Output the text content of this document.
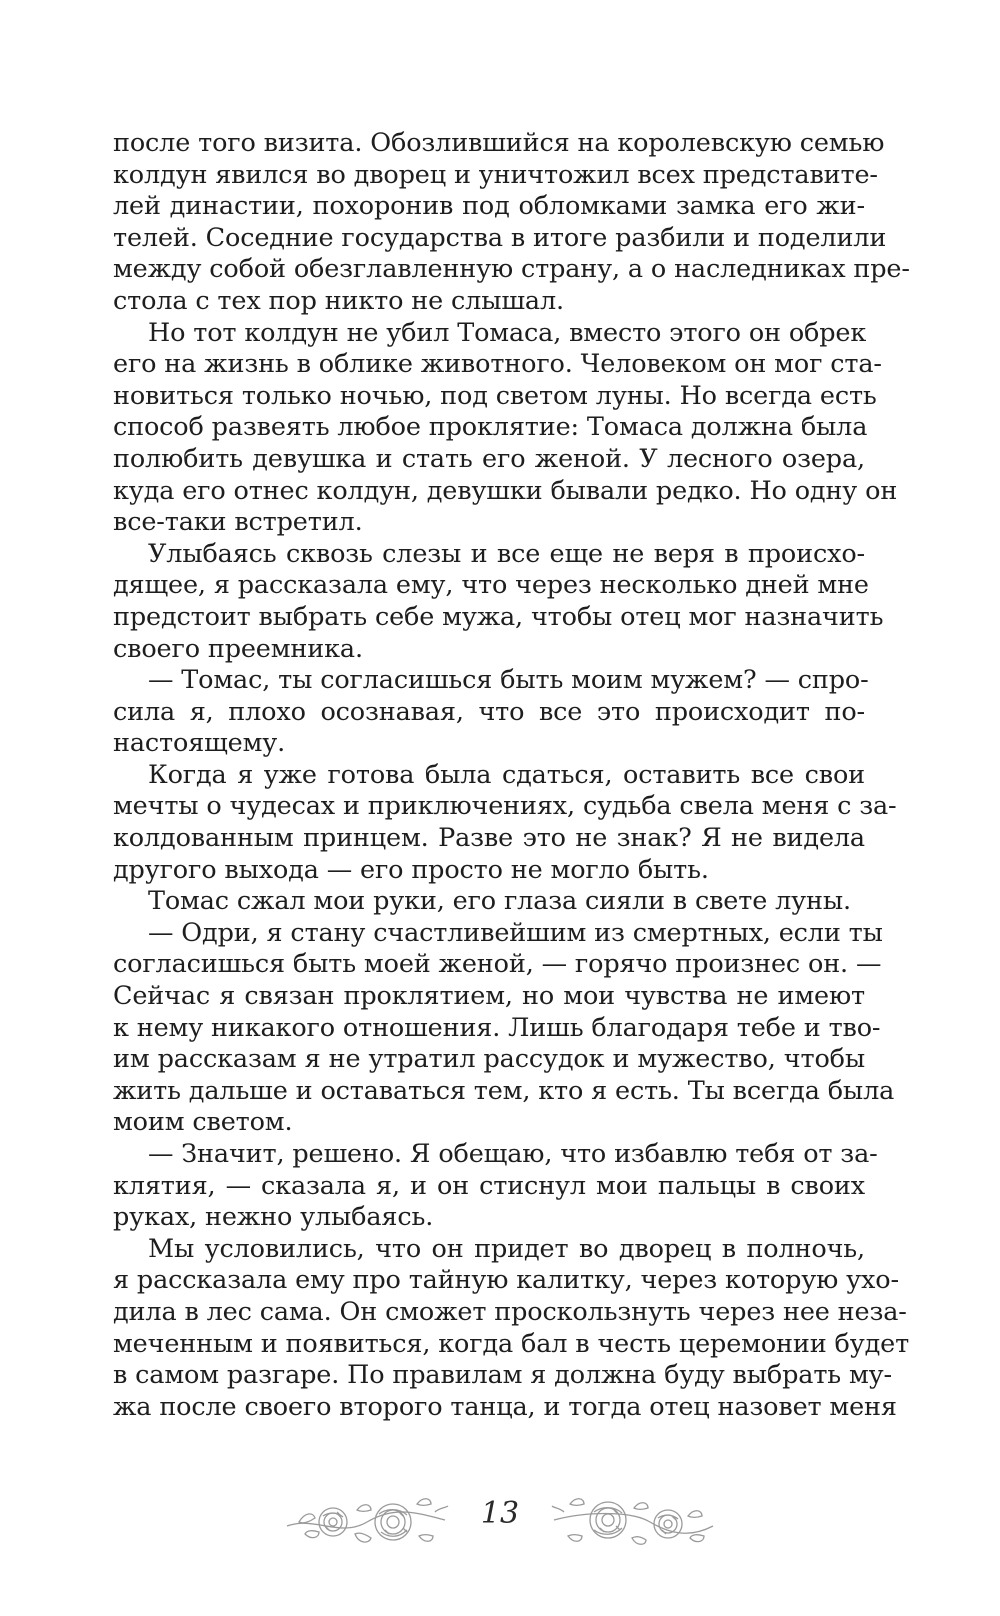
после того визита. Обозлившийся на королевскую семью
колдун явился во дворец и уничтожил всех представите-
лей династии, похоронив под обломками замка его жи-
телей. Соседние государства в итоге разбили и поделили
между собой обезглавленную страну, а о наследниках пре-
стола с тех пор никто не слышал.
Но тот колдун не убил Томаса, вместо этого он обрек
его на жизнь в облике животного. Человеком он мог ста-
новиться только ночью, под светом луны. Но всегда есть
способ развеять любое проклятие: Томаса должна была
полюбить девушка и стать его женой. У лесного озера,
куда его отнес колдун, девушки бывали редко. Но одну он
все-таки встретил.
Улыбаясь сквозь слезы и все еще не веря в происхо-
дящее, я рассказала ему, что через несколько дней мне
предстоит выбрать себе мужа, чтобы отец мог назначить
своего преемника.
— Томас, ты согласишься быть моим мужем? — спро-
сила я, плохо осознавая, что все это происходит по-
настоящему.
Когда я уже готова была сдаться, оставить все свои
мечты о чудесах и приключениях, судьба свела меня с за-
колдованным принцем. Разве это не знак? Я не видела
другого выхода — его просто не могло быть.
Томас сжал мои руки, его глаза сияли в свете луны.
— Одри, я стану счастливейшим из смертных, если ты
согласишься быть моей женой, — горячо произнес он. —
Сейчас я связан проклятием, но мои чувства не имеют
к нему никакого отношения. Лишь благодаря тебе и тво-
им рассказам я не утратил рассудок и мужество, чтобы
жить дальше и оставаться тем, кто я есть. Ты всегда была
моим светом.
— Значит, решено. Я обещаю, что избавлю тебя от за-
клятия, — сказала я, и он стиснул мои пальцы в своих
руках, нежно улыбаясь.
Мы условились, что он придет во дворец в полночь,
я рассказала ему про тайную калитку, через которую ухо-
дила в лес сама. Он сможет проскользнуть через нее неза-
меченным и появиться, когда бал в честь церемонии будет
в самом разгаре. По правилам я должна буду выбрать му-
жа после своего второго танца, и тогда отец назовет меня
13
